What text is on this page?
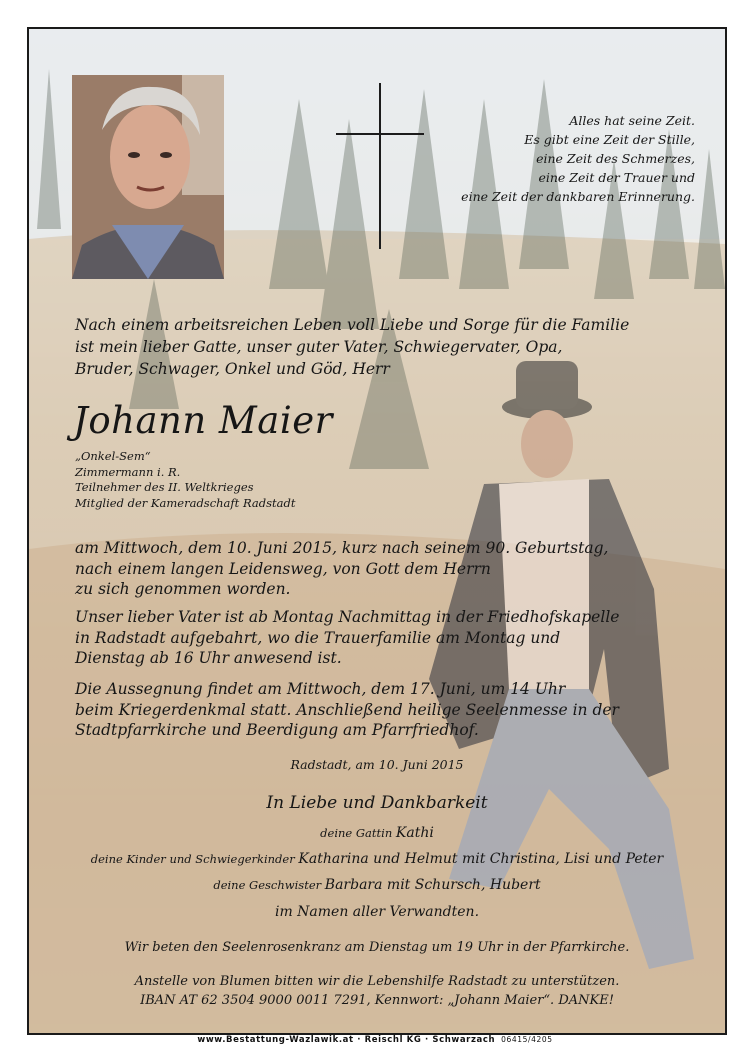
Alles hat seine Zeit.
Es gibt eine Zeit der Stille,
eine Zeit des Schmerzes,
eine Zeit der Trauer und
eine Zeit der dankbaren Erinnerung.
Nach einem arbeitsreichen Leben voll Liebe und Sorge für die Familie
ist mein lieber Gatte, unser guter Vater, Schwiegervater, Opa,
Bruder, Schwager, Onkel und Göd, Herr
Johann Maier
„Onkel-Sem“
Zimmermann i. R.
Teilnehmer des II. Weltkrieges
Mitglied der Kameradschaft Radstadt
am Mittwoch, dem 10. Juni 2015, kurz nach seinem 90. Geburtstag,
nach einem langen Leidensweg, von Gott dem Herrn
zu sich genommen worden.
Unser lieber Vater ist ab Montag Nachmittag in der Friedhofskapelle
in Radstadt aufgebahrt, wo die Trauerfamilie am Montag und
Dienstag ab 16 Uhr anwesend ist.
Die Aussegnung findet am Mittwoch, dem 17. Juni, um 14 Uhr
beim Kriegerdenkmal statt. Anschließend heilige Seelenmesse in der
Stadtpfarrkirche und Beerdigung am Pfarrfriedhof.
Radstadt, am 10. Juni 2015
In Liebe und Dankbarkeit
deine Gattin Kathi
deine Kinder und Schwiegerkinder Katharina und Helmut mit Christina, Lisi und Peter
deine Geschwister Barbara mit Schursch, Hubert
im Namen aller Verwandten.
Wir beten den Seelenrosenkranz am Dienstag um 19 Uhr in der Pfarrkirche.
Anstelle von Blumen bitten wir die Lebenshilfe Radstadt zu unterstützen.
IBAN AT 62 3504 9000 0011 7291, Kennwort: „Johann Maier“. DANKE!
www.Bestattung-Wazlawik.at · Reischl KG · Schwarzach 06415/4205
